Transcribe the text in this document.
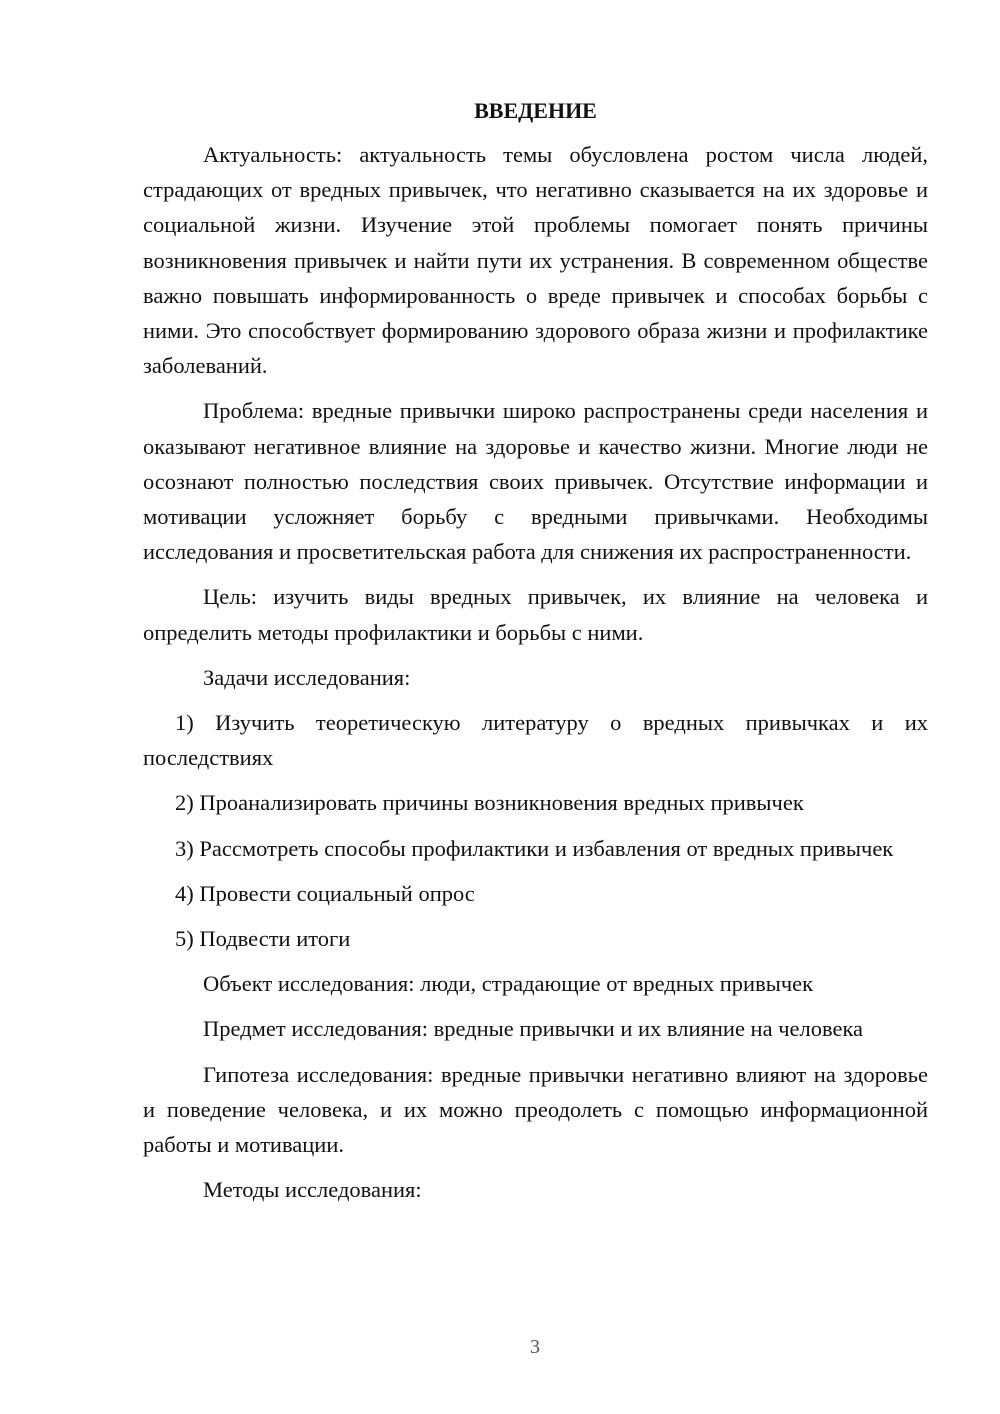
ВВЕДЕНИЕ

Актуальность: актуальность темы обусловлена ростом числа людей, страдающих от вредных привычек, что негативно сказывается на их здоровье и социальной жизни. Изучение этой проблемы помогает понять причины возникновения привычек и найти пути их устранения. В современном обществе важно повышать информированность о вреде привычек и способах борьбы с ними. Это способствует формированию здорового образа жизни и профилактике заболеваний.

Проблема: вредные привычки широко распространены среди населения и оказывают негативное влияние на здоровье и качество жизни. Многие люди не осознают полностью последствия своих привычек. Отсутствие информации и мотивации усложняет борьбу с вредными привычками. Необходимы исследования и просветительская работа для снижения их распространенности.

Цель: изучить виды вредных привычек, их влияние на человека и определить методы профилактики и борьбы с ними.

Задачи исследования:

1) Изучить теоретическую литературу о вредных привычках и их последствиях

2) Проанализировать причины возникновения вредных привычек

3) Рассмотреть способы профилактики и избавления от вредных привычек

4) Провести социальный опрос

5) Подвести итоги

Объект исследования: люди, страдающие от вредных привычек

Предмет исследования: вредные привычки и их влияние на человека

Гипотеза исследования: вредные привычки негативно влияют на здоровье и поведение человека, и их можно преодолеть с помощью информационной работы и мотивации.

Методы исследования:

3
